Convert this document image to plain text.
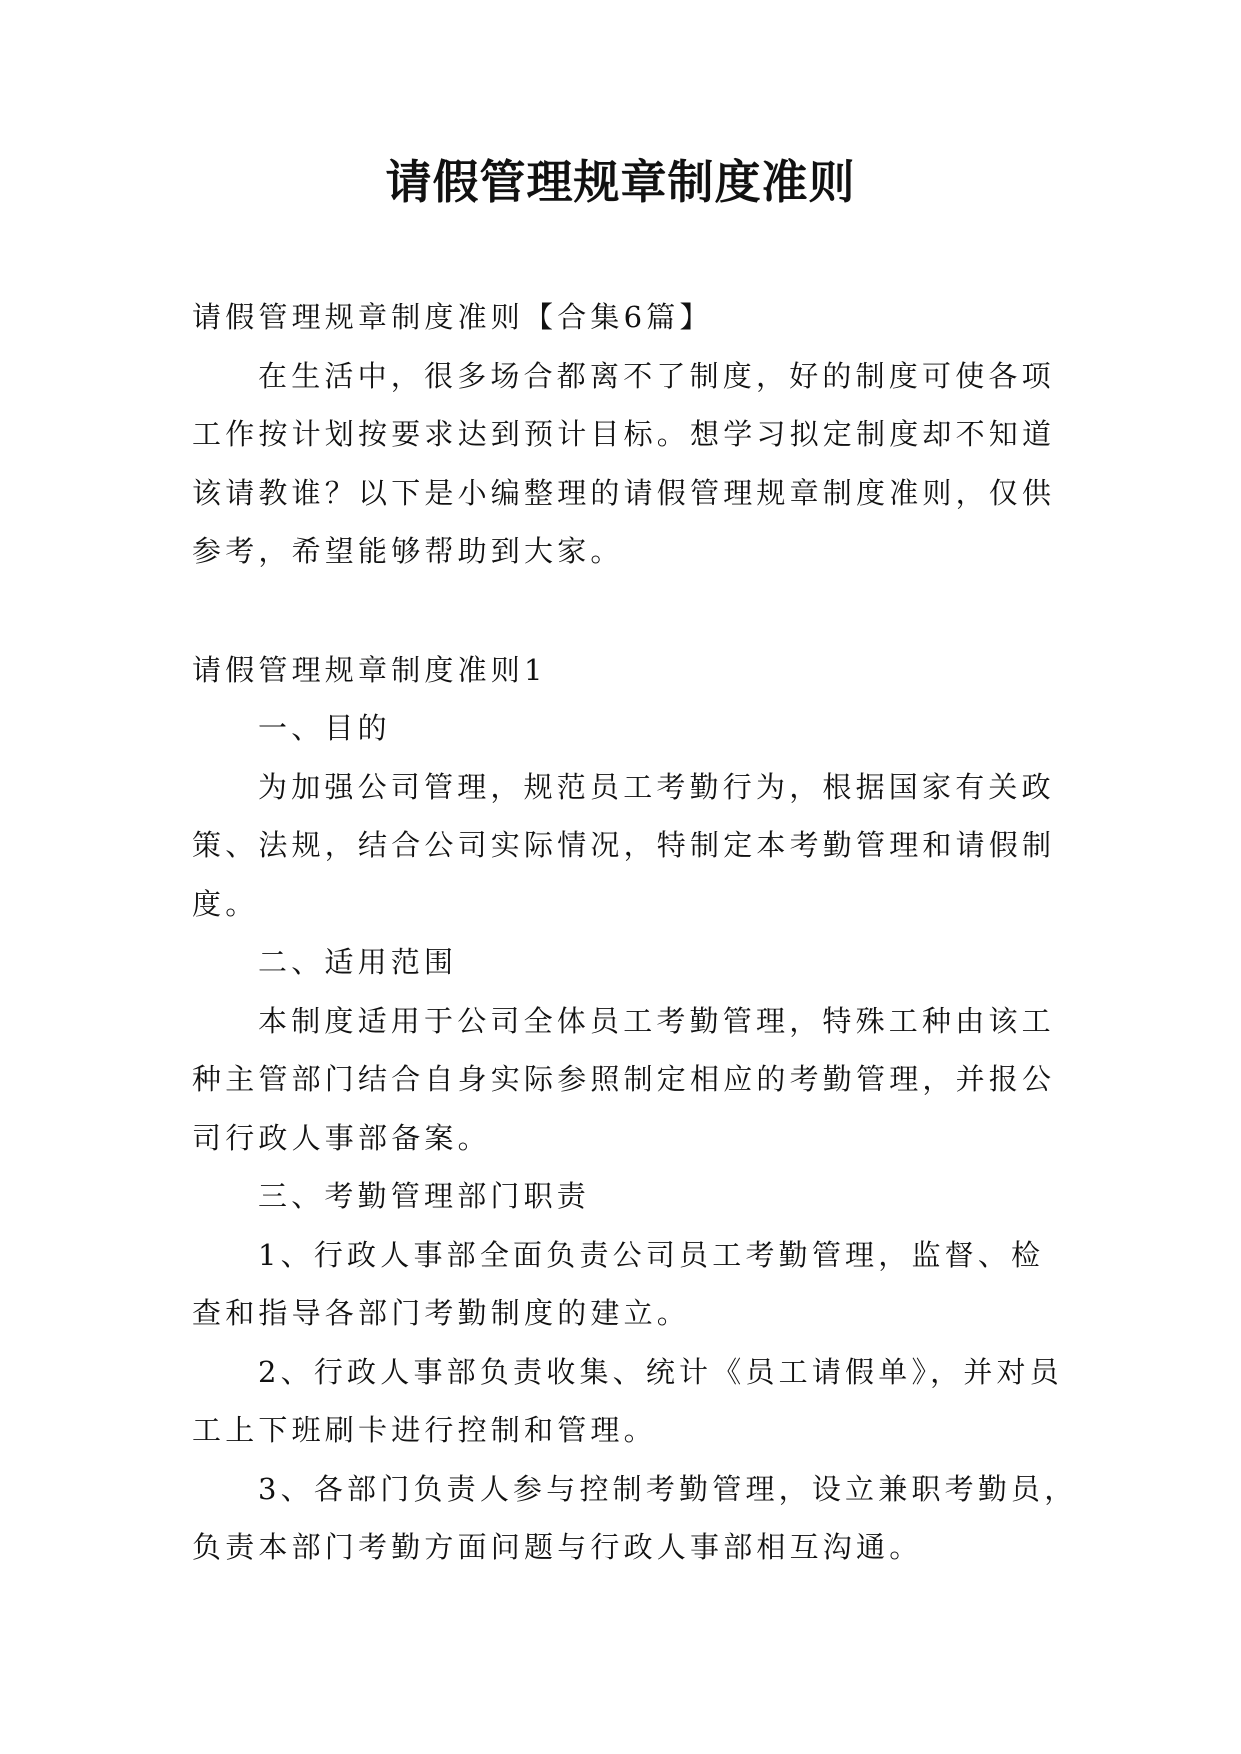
请假管理规章制度准则

请假管理规章制度准则【合集6篇】

在生活中，很多场合都离不了制度，好的制度可使各项

工作按计划按要求达到预计目标。想学习拟定制度却不知道

该请教谁？以下是小编整理的请假管理规章制度准则，仅供

参考，希望能够帮助到大家。

请假管理规章制度准则1

一、目的

为加强公司管理，规范员工考勤行为，根据国家有关政

策、法规，结合公司实际情况，特制定本考勤管理和请假制

度。

二、适用范围

本制度适用于公司全体员工考勤管理，特殊工种由该工

种主管部门结合自身实际参照制定相应的考勤管理，并报公

司行政人事部备案。

三、考勤管理部门职责

1、行政人事部全面负责公司员工考勤管理，监督、检

查和指导各部门考勤制度的建立。

2、行政人事部负责收集、统计《员工请假单》，并对员

工上下班刷卡进行控制和管理。

3、各部门负责人参与控制考勤管理，设立兼职考勤员，

负责本部门考勤方面问题与行政人事部相互沟通。
